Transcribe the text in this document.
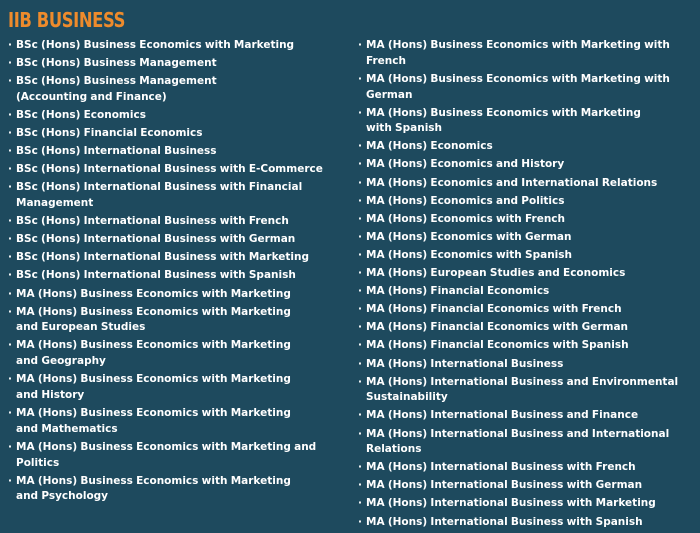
IIB BUSINESS
· BSc (Hons) Business Economics with Marketing
· BSc (Hons) Business Management
· BSc (Hons) Business Management
(Accounting and Finance)
· BSc (Hons) Economics
· BSc (Hons) Financial Economics
· BSc (Hons) International Business
· BSc (Hons) International Business with E-Commerce
· BSc (Hons) International Business with Financial
Management
· BSc (Hons) International Business with French
· BSc (Hons) International Business with German
· BSc (Hons) International Business with Marketing
· BSc (Hons) International Business with Spanish
· MA (Hons) Business Economics with Marketing
· MA (Hons) Business Economics with Marketing
and European Studies
· MA (Hons) Business Economics with Marketing
and Geography
· MA (Hons) Business Economics with Marketing
and History
· MA (Hons) Business Economics with Marketing
and Mathematics
· MA (Hons) Business Economics with Marketing and Politics
· MA (Hons) Business Economics with Marketing
and Psychology
· MA (Hons) Business Economics with Marketing with French
· MA (Hons) Business Economics with Marketing with German
· MA (Hons) Business Economics with Marketing
with Spanish
· MA (Hons) Economics
· MA (Hons) Economics and History
· MA (Hons) Economics and International Relations
· MA (Hons) Economics and Politics
· MA (Hons) Economics with French
· MA (Hons) Economics with German
· MA (Hons) Economics with Spanish
· MA (Hons) European Studies and Economics
· MA (Hons) Financial Economics
· MA (Hons) Financial Economics with French
· MA (Hons) Financial Economics with German
· MA (Hons) Financial Economics with Spanish
· MA (Hons) International Business
· MA (Hons) International Business and Environmental
Sustainability
· MA (Hons) International Business and Finance
· MA (Hons) International Business and International
Relations
· MA (Hons) International Business with French
· MA (Hons) International Business with German
· MA (Hons) International Business with Marketing
· MA (Hons) International Business with Spanish
